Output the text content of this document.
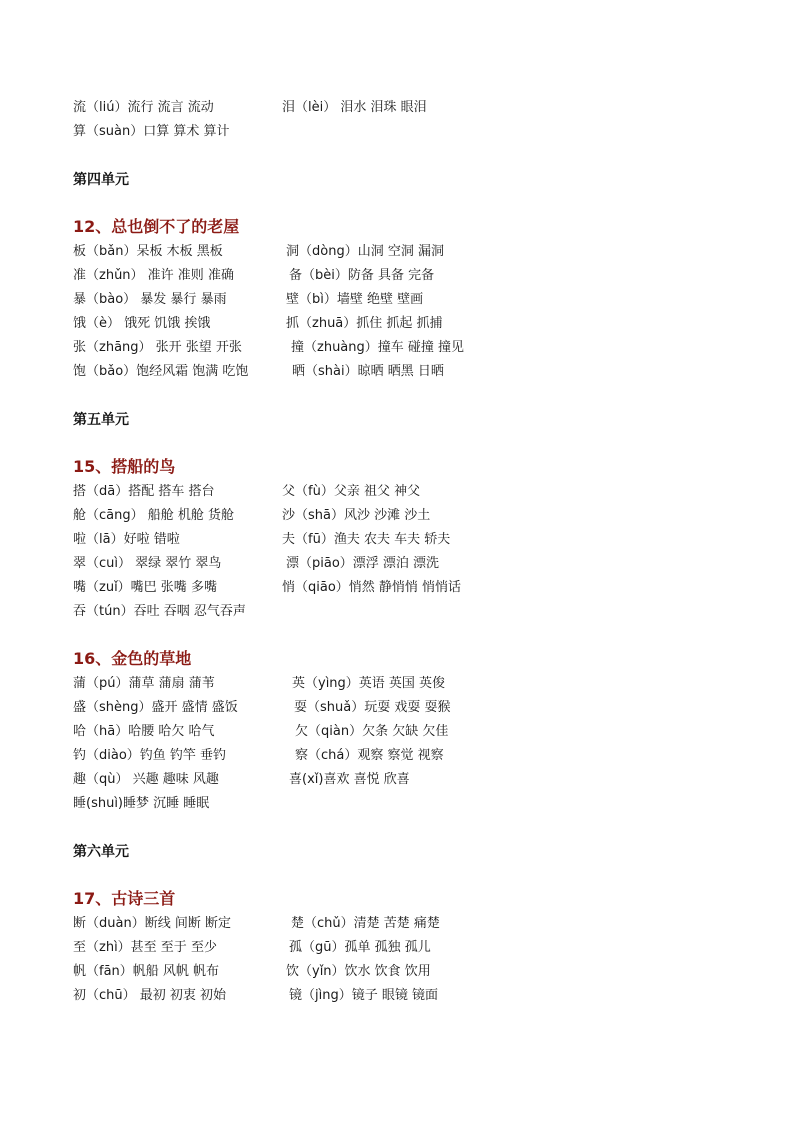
流（liú）流行 流言 流动	泪（lèi） 泪水 泪珠 眼泪
算（suàn）口算 算术 算计
第四单元
12、总也倒不了的老屋
板（bǎn）呆板 木板 黑板	洞（dòng）山洞 空洞 漏洞
准（zhǔn） 准许 准则 准确	备（bèi）防备 具备 完备
暴（bào） 暴发 暴行 暴雨	壁（bì）墙壁 绝壁 壁画
饿（è） 饿死 饥饿 挨饿	抓（zhuā）抓住 抓起 抓捕
张（zhāng） 张开 张望 开张	撞（zhuàng）撞车 碰撞 撞见
饱（bǎo）饱经风霜 饱满 吃饱	晒（shài）晾晒 晒黑 日晒
第五单元
15、搭船的鸟
搭（dā）搭配 搭车 搭台	父（fù）父亲 祖父 神父
舱（cāng） 船舱 机舱 货舱	沙（shā）风沙 沙滩 沙土
啦（lā）好啦 错啦	夫（fū）渔夫 农夫 车夫 轿夫
翠（cuì） 翠绿 翠竹 翠鸟	漂（piāo）漂浮 漂泊 漂洗
嘴（zuǐ）嘴巴 张嘴 多嘴	悄（qiāo）悄然 静悄悄 悄悄话
吞（tún）吞吐 吞咽 忍气吞声
16、金色的草地
蒲（pú）蒲草 蒲扇 蒲苇	英（yìng）英语 英国 英俊
盛（shèng）盛开 盛情 盛饭	耍（shuǎ）玩耍 戏耍 耍猴
哈（hā）哈腰 哈欠 哈气	欠（qiàn）欠条 欠缺 欠佳
钓（diào）钓鱼 钓竿 垂钓	察（chá）观察 察觉 视察
趣（qù） 兴趣 趣味 风趣	喜(xǐ)喜欢 喜悦 欣喜
睡(shuì)睡梦 沉睡 睡眠
第六单元
17、古诗三首
断（duàn）断线 间断 断定	楚（chǔ）清楚 苦楚 痛楚
至（zhì）甚至 至于 至少	孤（gū）孤单 孤独 孤儿
帆（fān）帆船 风帆 帆布	饮（yǐn）饮水 饮食 饮用
初（chū） 最初 初衷 初始	镜（jìng）镜子 眼镜 镜面
